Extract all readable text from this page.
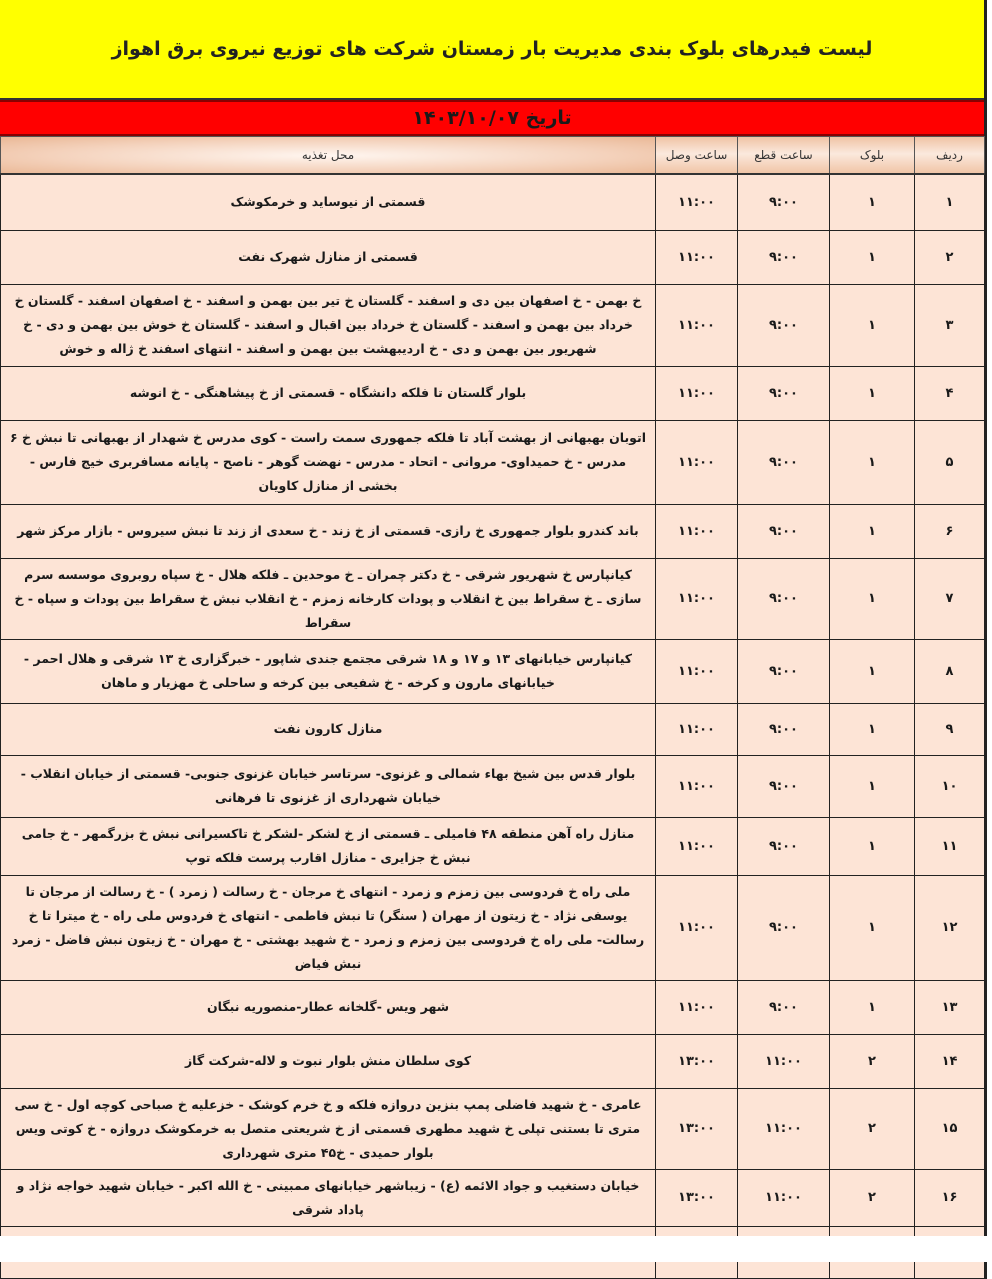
لیست فیدرهای بلوک بندی مدیریت بار زمستان شرکت های توزیع نیروی برق اهواز
تاریخ ۱۴۰۳/۱۰/۰۷
ردیف	بلوک	ساعت قطع	ساعت وصل	محل تغذیه
۱	۱	۹:۰۰	۱۱:۰۰	قسمتی از نیوساید و خرمکوشک
۲	۱	۹:۰۰	۱۱:۰۰	قسمتی از منازل شهرک نفت
۳	۱	۹:۰۰	۱۱:۰۰	خ بهمن - خ اصفهان بین دی و اسفند - گلستان خ تیر بین بهمن و اسفند - خ اصفهان اسفند - گلستان خ خرداد بین بهمن و اسفند - گلستان خ خرداد بین اقبال و اسفند - گلستان خ خوش بین بهمن و دی - خ شهریور بین بهمن و دی - خ اردیبهشت بین بهمن و اسفند - انتهای اسفند خ ژاله و خوش
۴	۱	۹:۰۰	۱۱:۰۰	بلوار گلستان تا فلکه دانشگاه - قسمتی از خ پیشاهنگی - خ انوشه
۵	۱	۹:۰۰	۱۱:۰۰	اتوبان بهبهانی از بهشت آباد تا فلکه جمهوری سمت راست - کوی مدرس خ شهدار از بهبهانی تا نبش خ ۶ مدرس - خ حمیداوی- مروانی - اتحاد - مدرس - نهضت گوهر - ناصح - پایانه مسافربری خیج فارس - بخشی از منازل کاویان
۶	۱	۹:۰۰	۱۱:۰۰	باند کندرو بلوار جمهوری خ رازی- قسمتی از خ زند - خ سعدی از زند تا نبش سیروس - بازار مرکز شهر
۷	۱	۹:۰۰	۱۱:۰۰	کیانپارس خ شهریور شرقی - خ دکتر چمران ـ خ موحدین ـ فلکه هلال - خ سپاه روبروی موسسه سرم سازی ـ خ سقراط بین خ انقلاب و پودات کارخانه زمزم - خ انقلاب نبش خ سقراط بین پودات و سپاه - خ سقراط
۸	۱	۹:۰۰	۱۱:۰۰	کیانپارس خیابانهای ۱۳ و ۱۷ و ۱۸ شرقی مجتمع جندی شاپور - خبرگزاری خ ۱۳ شرقی و هلال احمر - خیابانهای مارون و کرخه - خ شفیعی بین کرخه و ساحلی خ مهزیار و ماهان
۹	۱	۹:۰۰	۱۱:۰۰	منازل کارون نفت
۱۰	۱	۹:۰۰	۱۱:۰۰	بلوار قدس بین شیخ بهاء شمالی و غزنوی- سرتاسر خیابان غزنوی جنوبی- قسمتی از خیابان انقلاب - خیابان شهرداری از غزنوی تا فرهانی
۱۱	۱	۹:۰۰	۱۱:۰۰	منازل راه آهن منطقه ۴۸ فامیلی ـ قسمتی از خ لشکر -لشکر خ تاکسیرانی نبش خ بزرگمهر - خ جامی نبش خ جزایری - منازل اقارب پرست فلکه توپ
۱۲	۱	۹:۰۰	۱۱:۰۰	ملی راه خ فردوسی بین زمزم و زمرد - انتهای خ مرجان - خ رسالت ( زمرد ) - خ رسالت از مرجان تا یوسفی نژاد - خ زیتون از مهران ( سنگر) تا نبش فاطمی - انتهای خ فردوس ملی راه - خ میترا تا خ رسالت- ملی راه خ فردوسی بین زمزم و زمرد - خ شهید بهشتی - خ مهران - خ زیتون نبش فاضل - زمرد نبش فیاض
۱۳	۱	۹:۰۰	۱۱:۰۰	شهر ویس -گلخانه عطار-منصوریه نبگان
۱۴	۲	۱۱:۰۰	۱۳:۰۰	کوی سلطان منش بلوار نبوت و لاله-شرکت گاز
۱۵	۲	۱۱:۰۰	۱۳:۰۰	عامری - خ شهید فاضلی پمپ بنزین دروازه فلکه و خ خرم کوشک - خزعلیه خ صباحی کوچه اول - خ سی متری تا بستنی تپلی خ شهید مطهری قسمتی از خ شریعتی متصل به خرمکوشک دروازه - خ کوتی ویس بلوار حمیدی - خ۴۵ متری شهرداری
۱۶	۲	۱۱:۰۰	۱۳:۰۰	خیابان دستغیب و جواد الائمه (ع) - زیباشهر خیابانهای ممبینی - خ الله اکبر - خیابان شهید خواجه نژاد و پاداد شرقی
